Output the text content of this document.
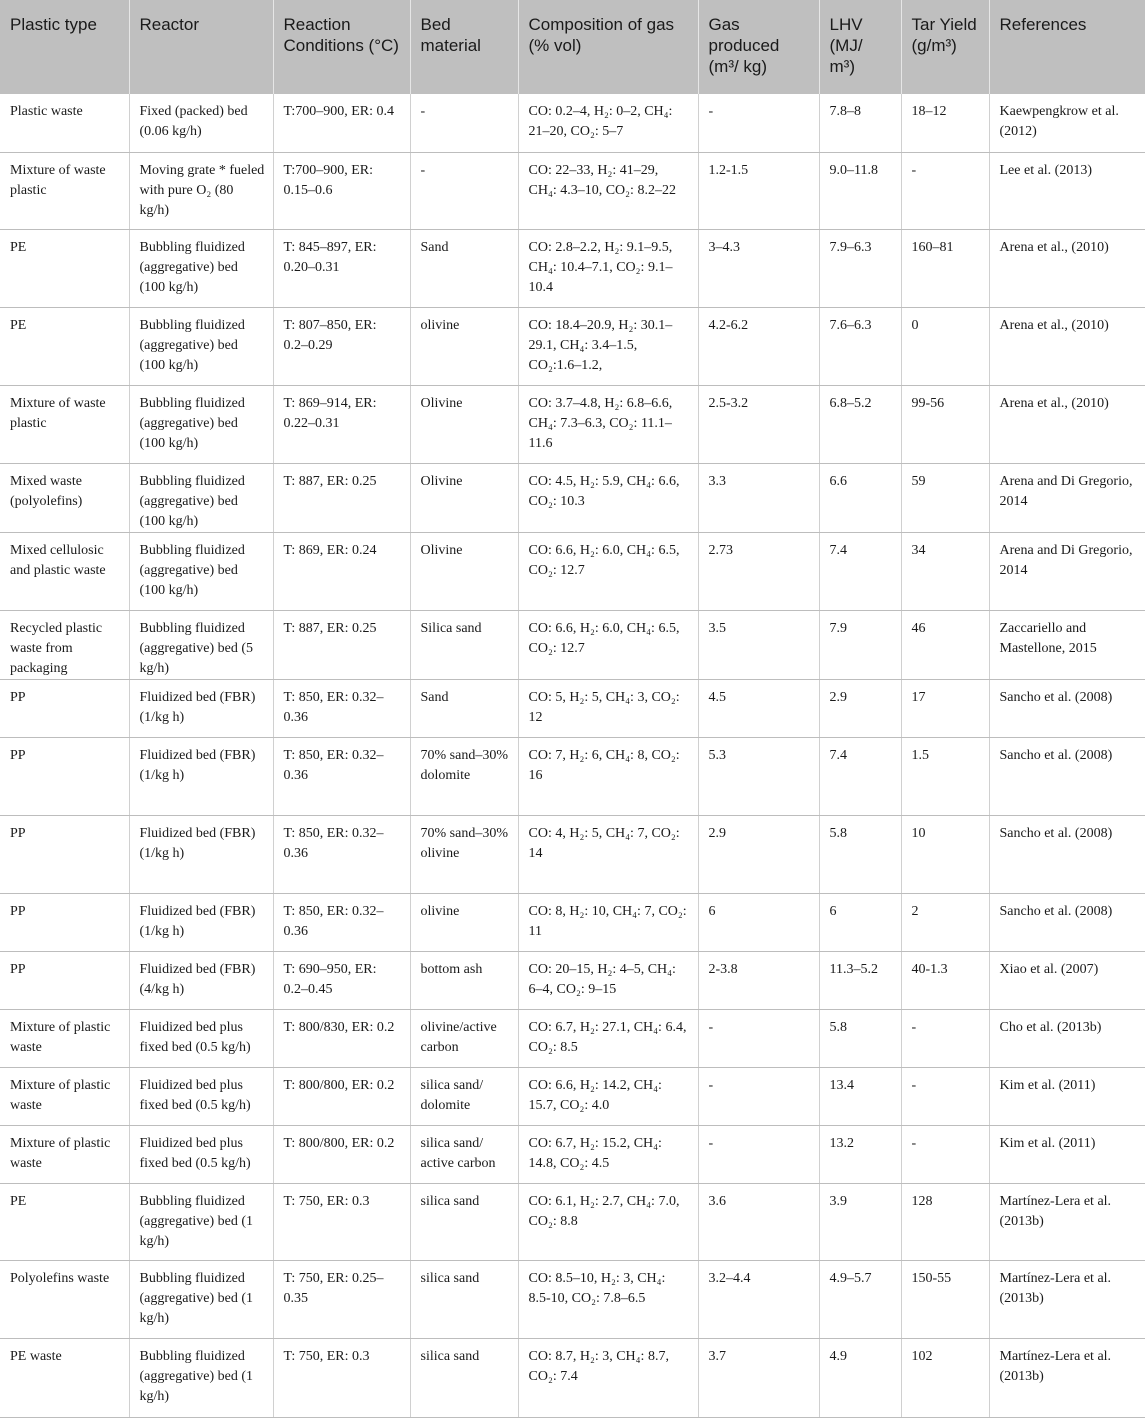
Plastic type	Reactor	Reaction Conditions (°C)	Bed material	Composition of gas (% vol)	Gas produced (m³/ kg)	LHV (MJ/ m³)	Tar Yield (g/m³)	References
Plastic waste	Fixed (packed) bed (0.06 kg/h)	T:700–900, ER: 0.4	-	CO: 0.2–4, H₂: 0–2, CH₄: 21–20, CO₂: 5–7	-	7.8–8	18–12	Kaewpengkrow et al. (2012)
Mixture of waste plastic	Moving grate * fueled with pure O₂ (80 kg/h)	T:700–900, ER: 0.15–0.6	-	CO: 22–33, H₂: 41–29, CH₄: 4.3–10, CO₂: 8.2–22	1.2-1.5	9.0–11.8	-	Lee et al. (2013)
PE	Bubbling fluidized (aggregative) bed (100 kg/h)	T: 845–897, ER: 0.20–0.31	Sand	CO: 2.8–2.2, H₂: 9.1–9.5, CH₄: 10.4–7.1, CO₂: 9.1–10.4	3–4.3	7.9–6.3	160–81	Arena et al., (2010)
PE	Bubbling fluidized (aggregative) bed (100 kg/h)	T: 807–850, ER: 0.2–0.29	olivine	CO: 18.4–20.9, H₂: 30.1–29.1, CH₄: 3.4–1.5, CO₂:1.6–1.2,	4.2-6.2	7.6–6.3	0	Arena et al., (2010)
Mixture of waste plastic	Bubbling fluidized (aggregative) bed (100 kg/h)	T: 869–914, ER: 0.22–0.31	Olivine	CO: 3.7–4.8, H₂: 6.8–6.6, CH₄: 7.3–6.3, CO₂: 11.1–11.6	2.5-3.2	6.8–5.2	99-56	Arena et al., (2010)
Mixed waste (polyolefins)	Bubbling fluidized (aggregative) bed (100 kg/h)	T: 887, ER: 0.25	Olivine	CO: 4.5, H₂: 5.9, CH₄: 6.6, CO₂: 10.3	3.3	6.6	59	Arena and Di Gregorio, 2014
Mixed cellulosic and plastic waste	Bubbling fluidized (aggregative) bed (100 kg/h)	T: 869, ER: 0.24	Olivine	CO: 6.6, H₂: 6.0, CH₄: 6.5, CO₂: 12.7	2.73	7.4	34	Arena and Di Gregorio, 2014
Recycled plastic waste from packaging	Bubbling fluidized (aggregative) bed (5 kg/h)	T: 887, ER: 0.25	Silica sand	CO: 6.6, H₂: 6.0, CH₄: 6.5, CO₂: 12.7	3.5	7.9	46	Zaccariello and Mastellone, 2015
PP	Fluidized bed (FBR) (1/kg h)	T: 850, ER: 0.32–0.36	Sand	CO: 5, H₂: 5, CH₄: 3, CO₂: 12	4.5	2.9	17	Sancho et al. (2008)
PP	Fluidized bed (FBR) (1/kg h)	T: 850, ER: 0.32–0.36	70% sand–30% dolomite	CO: 7, H₂: 6, CH₄: 8, CO₂: 16	5.3	7.4	1.5	Sancho et al. (2008)
PP	Fluidized bed (FBR) (1/kg h)	T: 850, ER: 0.32–0.36	70% sand–30% olivine	CO: 4, H₂: 5, CH₄: 7, CO₂: 14	2.9	5.8	10	Sancho et al. (2008)
PP	Fluidized bed (FBR) (1/kg h)	T: 850, ER: 0.32–0.36	olivine	CO: 8, H₂: 10, CH₄: 7, CO₂: 11	6	6	2	Sancho et al. (2008)
PP	Fluidized bed (FBR) (4/kg h)	T: 690–950, ER: 0.2–0.45	bottom ash	CO: 20–15, H₂: 4–5, CH₄: 6–4, CO₂: 9–15	2-3.8	11.3–5.2	40-1.3	Xiao et al. (2007)
Mixture of plastic waste	Fluidized bed plus fixed bed (0.5 kg/h)	T: 800/830, ER: 0.2	olivine/active carbon	CO: 6.7, H₂: 27.1, CH₄: 6.4, CO₂: 8.5	-	5.8	-	Cho et al. (2013b)
Mixture of plastic waste	Fluidized bed plus fixed bed (0.5 kg/h)	T: 800/800, ER: 0.2	silica sand/ dolomite	CO: 6.6, H₂: 14.2, CH₄: 15.7, CO₂: 4.0	-	13.4	-	Kim et al. (2011)
Mixture of plastic waste	Fluidized bed plus fixed bed (0.5 kg/h)	T: 800/800, ER: 0.2	silica sand/ active carbon	CO: 6.7, H₂: 15.2, CH₄: 14.8, CO₂: 4.5	-	13.2	-	Kim et al. (2011)
PE	Bubbling fluidized (aggregative) bed (1 kg/h)	T: 750, ER: 0.3	silica sand	CO: 6.1, H₂: 2.7, CH₄: 7.0, CO₂: 8.8	3.6	3.9	128	Martínez-Lera et al. (2013b)
Polyolefins waste	Bubbling fluidized (aggregative) bed (1 kg/h)	T: 750, ER: 0.25–0.35	silica sand	CO: 8.5–10, H₂: 3, CH₄: 8.5-10, CO₂: 7.8–6.5	3.2–4.4	4.9–5.7	150-55	Martínez-Lera et al. (2013b)
PE waste	Bubbling fluidized (aggregative) bed (1 kg/h)	T: 750, ER: 0.3	silica sand	CO: 8.7, H₂: 3, CH₄: 8.7, CO₂: 7.4	3.7	4.9	102	Martínez-Lera et al. (2013b)
